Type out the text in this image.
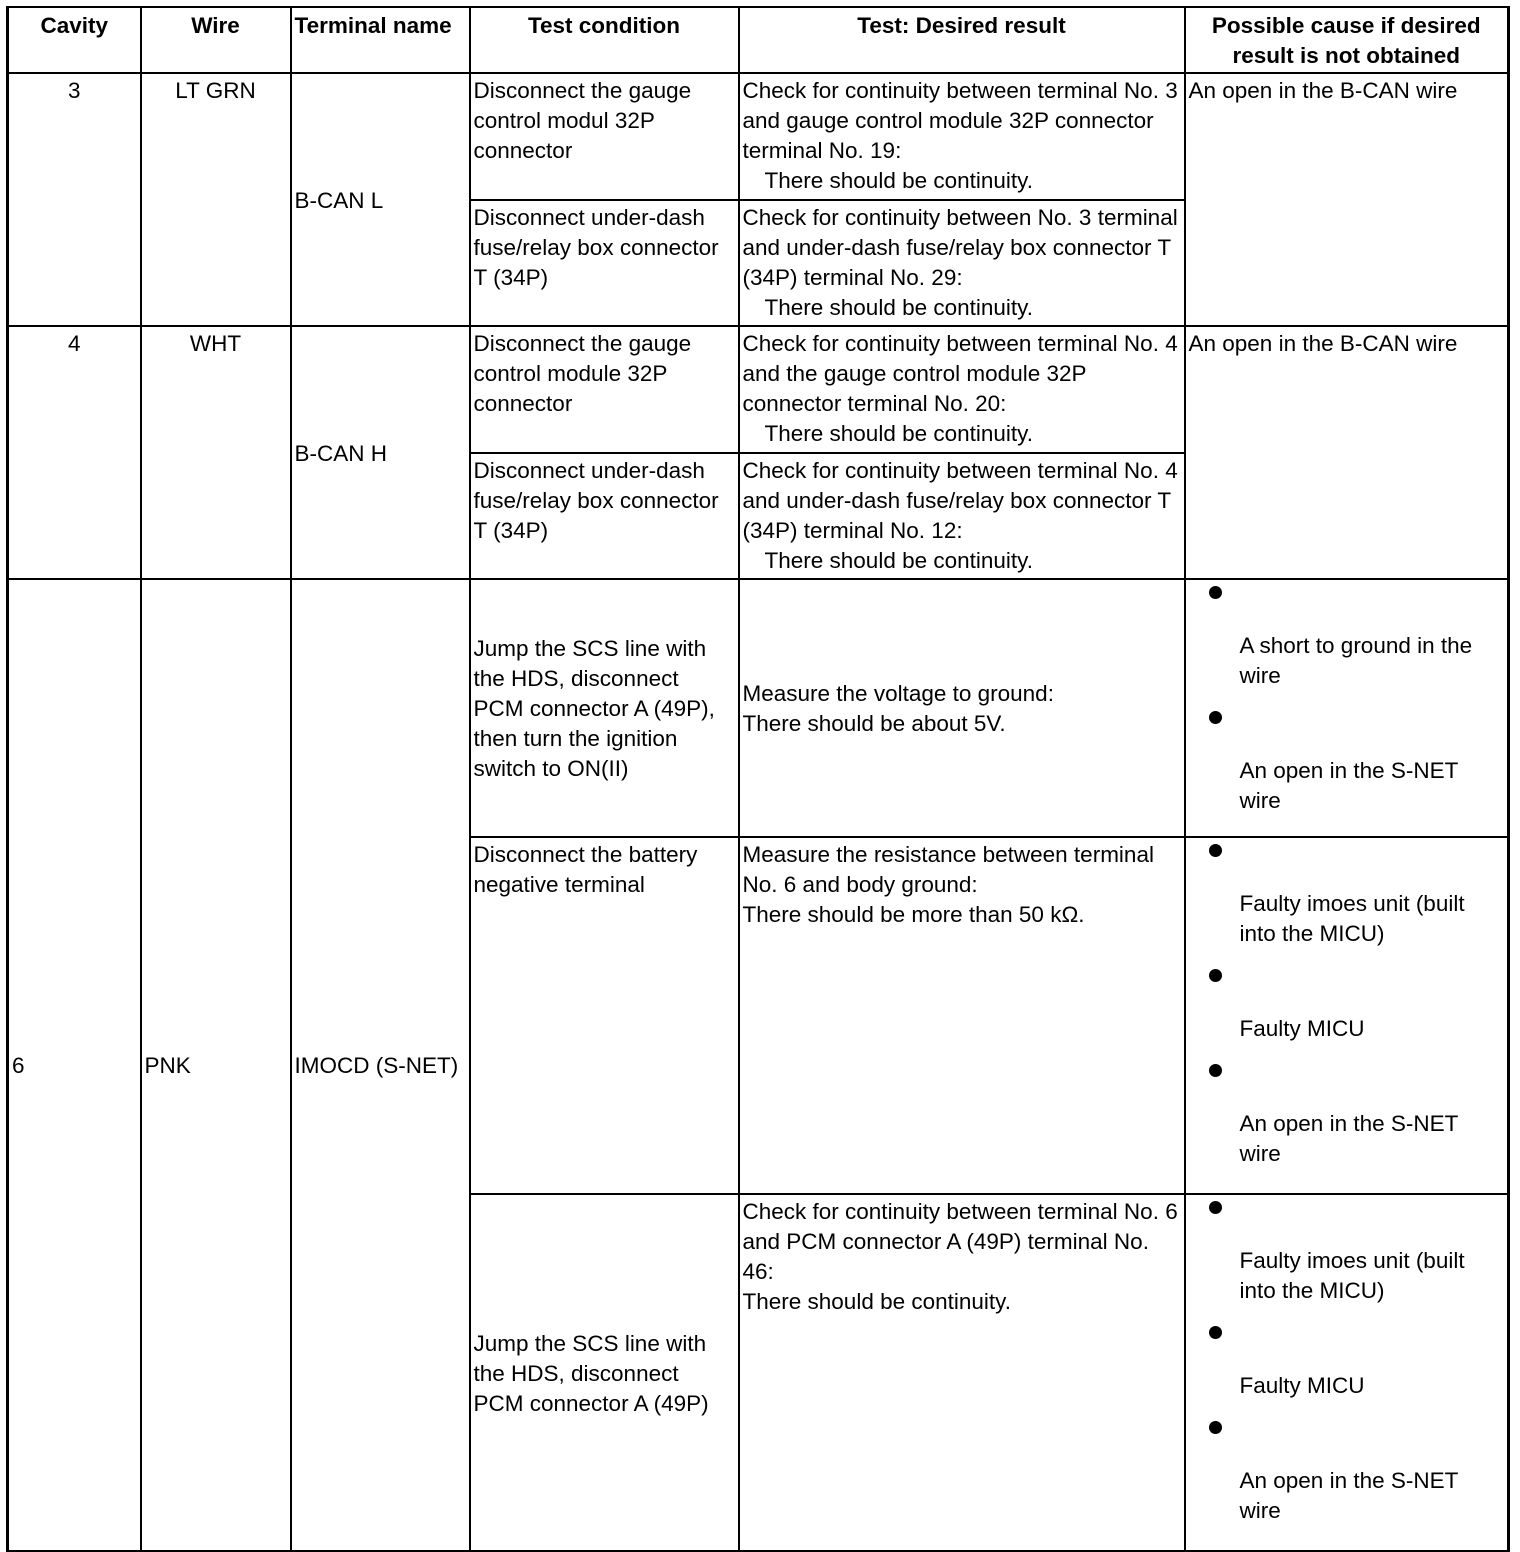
Cavity	Wire	Terminal name	Test condition	Test: Desired result	Possible cause if desired result is not obtained
3	LT GRN	B-CAN L	Disconnect the gauge control modul 32P connector	Check for continuity between terminal No. 3 and gauge control module 32P connector terminal No. 19:
There should be continuity.	An open in the B-CAN wire
			Disconnect under-dash fuse/relay box connector T (34P)	Check for continuity between No. 3 terminal and under-dash fuse/relay box connector T (34P) terminal No. 29:
There should be continuity.	

4	WHT	B-CAN H	Disconnect the gauge control module 32P connector	Check for continuity between terminal No. 4 and the gauge control module 32P connector terminal No. 20:
There should be continuity.	An open in the B-CAN wire
			Disconnect under-dash fuse/relay box connector T (34P)	Check for continuity between terminal No. 4 and under-dash fuse/relay box connector T (34P) terminal No. 12:
There should be continuity.	

6	PNK	IMOCD (S-NET)	Jump the SCS line with the HDS, disconnect PCM connector A (49P), then turn the ignition switch to ON(II)	Measure the voltage to ground:
There should be about 5V.	A short to ground in the wire
An open in the S-NET wire

			Disconnect the battery negative terminal	Measure the resistance between terminal No. 6 and body ground:
There should be more than 50 kΩ.	Faulty imoes unit (built into the MICU)
Faulty MICU
An open in the S-NET wire

			Jump the SCS line with the HDS, disconnect PCM connector A (49P)	Check for continuity between terminal No. 6 and PCM connector A (49P) terminal No. 46:
There should be continuity.	Faulty imoes unit (built into the MICU)
Faulty MICU
An open in the S-NET wire
